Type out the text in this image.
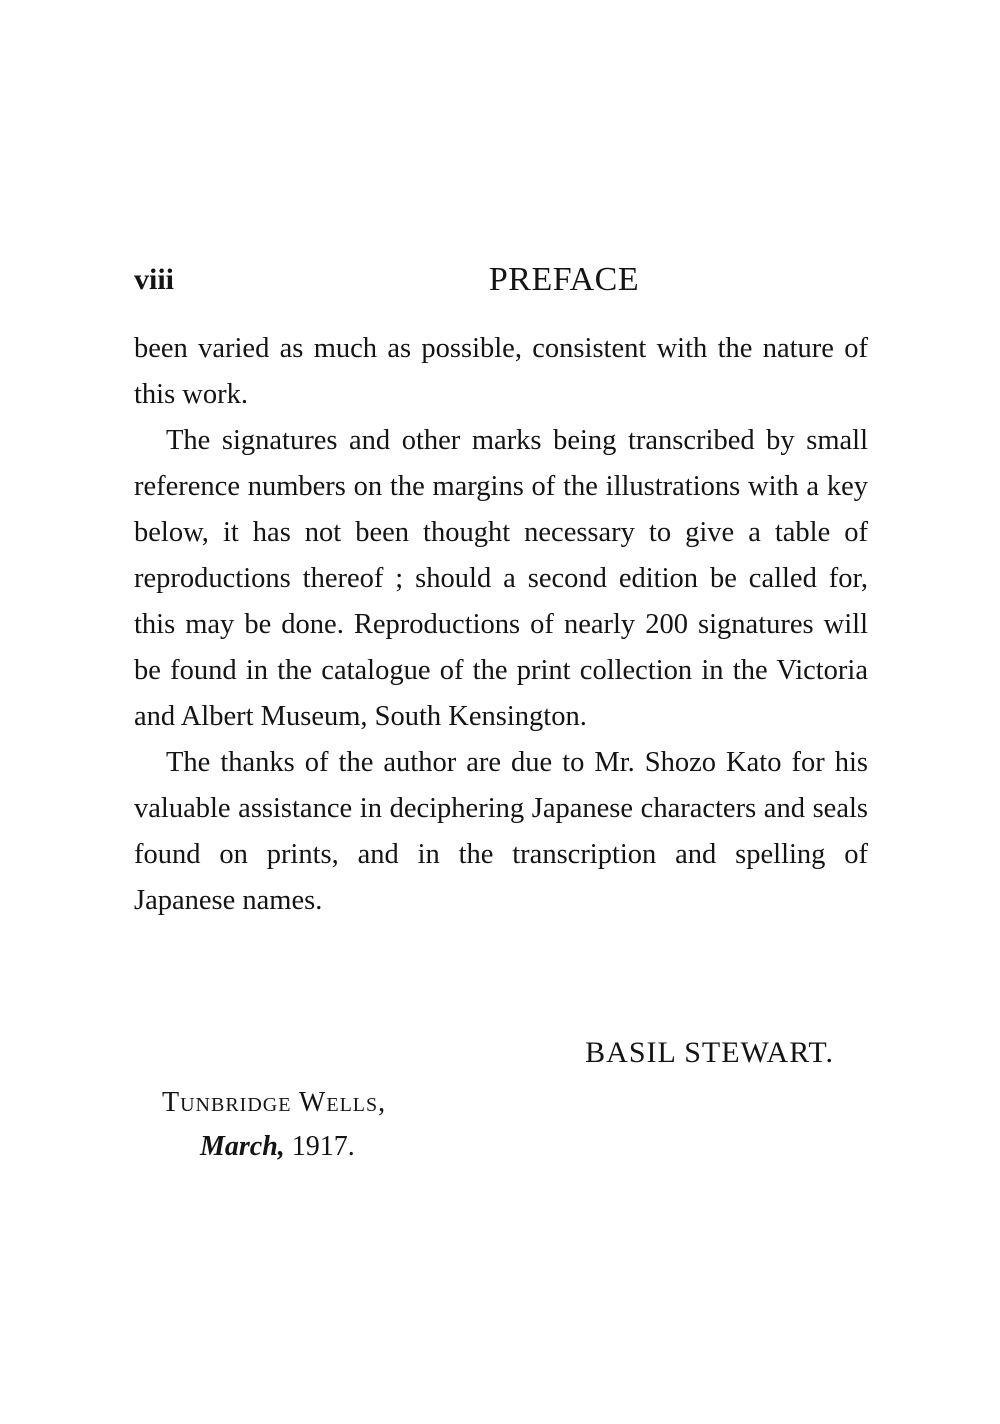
viii	PREFACE

been varied as much as possible, consistent with the nature of this work.

The signatures and other marks being transcribed by small reference numbers on the margins of the illustrations with a key below, it has not been thought necessary to give a table of reproductions thereof ; should a second edition be called for, this may be done. Reproductions of nearly 200 signatures will be found in the catalogue of the print collection in the Victoria and Albert Museum, South Kensington.

The thanks of the author are due to Mr. Shozo Kato for his valuable assistance in deciphering Japanese characters and seals found on prints, and in the transcription and spelling of Japanese names.

BASIL STEWART.
Tunbridge Wells,
March, 1917.
